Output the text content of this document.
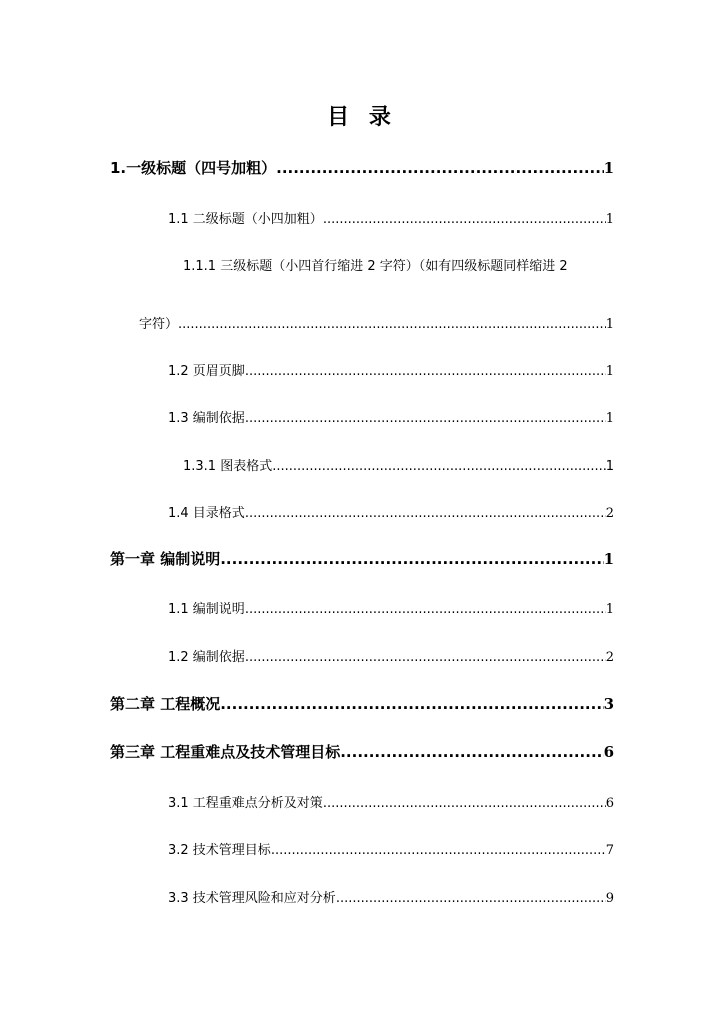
目 录
1.一级标题（四号加粗） .....	1
1.1 二级标题（小四加粗） .....	1
1.1.1 三级标题（小四首行缩进 2 字符）（如有四级标题同样缩进 2
字符） .....	1
1.2 页眉页脚 .....	1
1.3 编制依据 .....	1
1.3.1 图表格式 .....	1
1.4 目录格式 .....	2
第一章 编制说明 .....	1
1.1 编制说明 .....	1
1.2 编制依据 .....	2
第二章 工程概况 .....	3
第三章 工程重难点及技术管理目标 .....	6
3.1 工程重难点分析及对策 .....	6
3.2 技术管理目标 .....	7
3.3 技术管理风险和应对分析 .....	9
